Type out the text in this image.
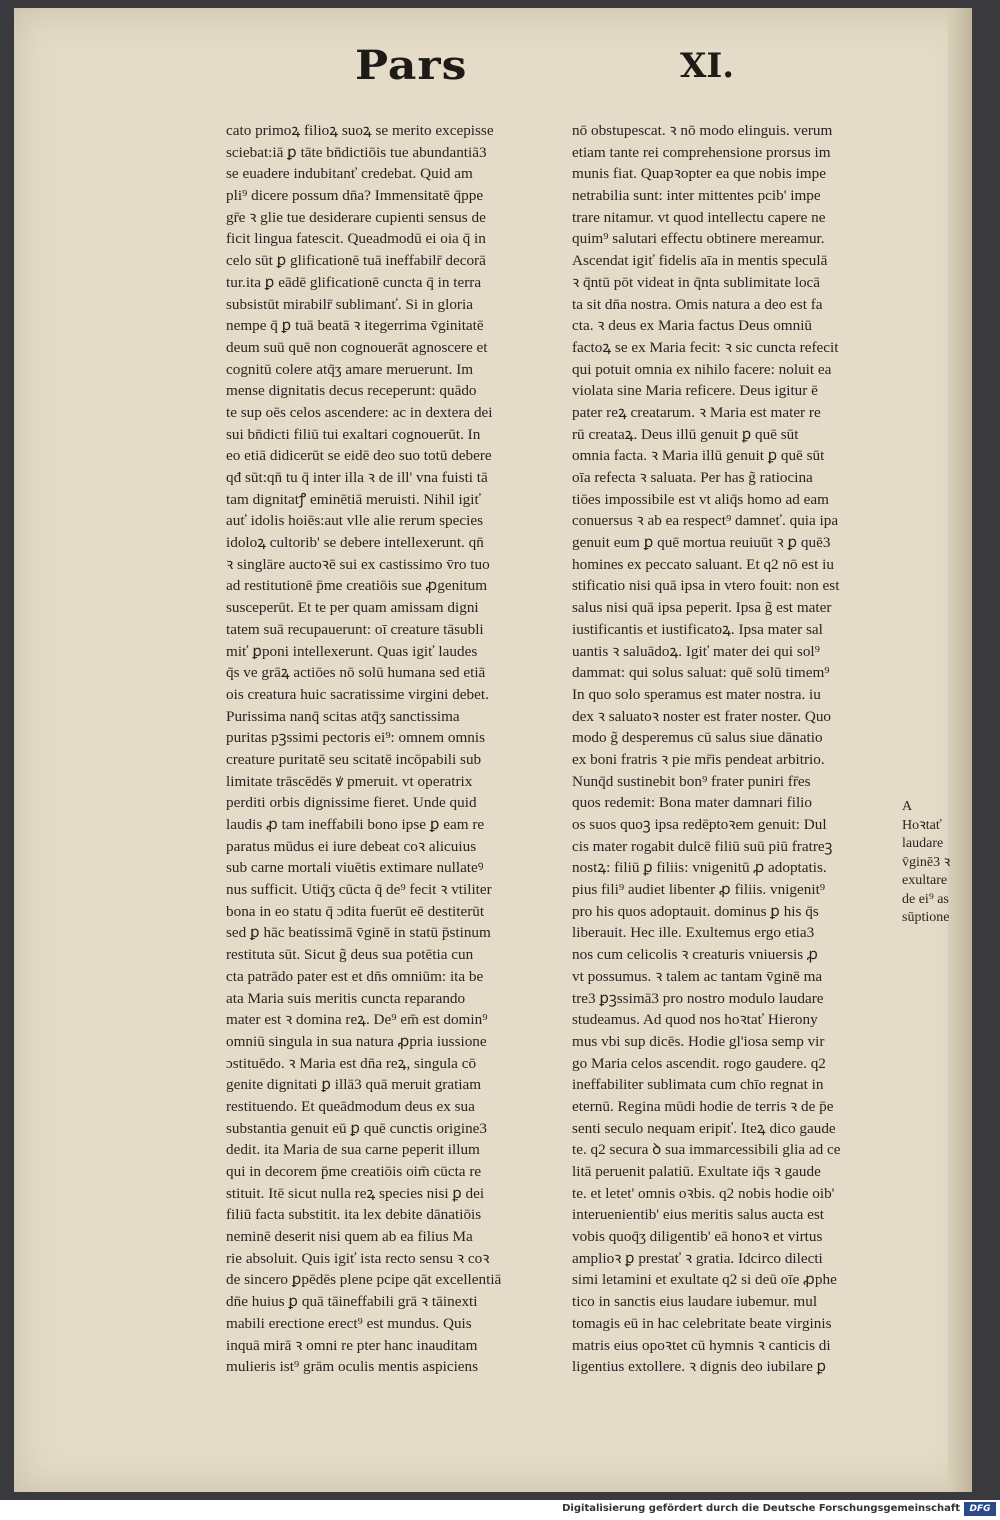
Pars	XI.
cato primoꝝ filioꝝ suoꝝ se merito excepisse
sciebat:iā ꝑ tāte bn̄dictiōis tue abundantiā3
se euadere indubitanť credebat. Quid am
pli⁹ dicere possum dn̄a? Immensitatē q̄ppe
gr̄e ꝛ glie tue desiderare cupienti sensus de
ficit lingua fatescit. Queadmodū ei oia q̄ in
celo sūt ꝑ glificationē tuā ineffabilr̄ decorā
tur.ita ꝑ eādē glificationē cuncta q̄ in terra
subsistūt mirabilr̄ sublimanť. Si in gloria
nempe q̄ ꝑ tuā beatā ꝛ itegerrima v̄ginitatē
deum suū quē non cognouerāt agnoscere et
cognitū colere atq̄ʒ amare meruerunt. Im
mense dignitatis decus receperunt: quādo
te sup oēs celos ascendere: ac in dextera dei
sui bn̄dicti filiū tui exaltari cognouerūt. In
eo etiā didicerūt se eidē deo suo totū debere
qđ sūt:qn̄ tu q̄ inter illa ꝛ de ill' vna fuisti tā
tam dignitatꝭ eminētiā meruisti. Nihil igiť
auť idolis hoiēs:aut vlle alie rerum species
idoloꝝ cultorib' se debere intellexerunt. qn̄
ꝛ singlāre auctoꝛē sui ex castissimo v̄ro tuo
ad restitutionē p̄me creatiōis sue ꝓgenitum
susceperūt. Et te per quam amissam digni
tatem suā recupauerunt: oī creature tāsubli
miť ꝑponi intellexerunt. Quas igiť laudes
q̄s ve grāꝝ actiōes nō solū humana sed etiā
ois creatura huic sacratissime virgini debet.
Purissima nanq̄ scitas atq̄ʒ sanctissima
puritas pꝫssimi pectoris ei⁹: omnem omnis
creature puritatē seu scitatē incōpabili sub
limitate trāscēdēs ꝟ pmeruit. vt operatrix
perditi orbis dignissime fieret. Unde quid
laudis ꝓ tam ineffabili bono ipse ꝑ eam re
paratus mūdus ei iure debeat coꝛ alicuius
sub carne mortali viuētis extimare nullateꝰ
nus sufficit. Utiq̄ʒ cūcta q̄ de⁹ fecit ꝛ vtiliter
bona in eo statu q̄ ɔdita fuerūt eē destiterūt
sed ꝑ hāc beatissimā v̄ginē in statū p̄stinum
restituta sūt. Sicut g̃ deus sua potētia cun
cta patrādo pater est et dn̄s omniūm: ita be
ata Maria suis meritis cuncta reparando
mater est ꝛ domina reꝝ. De⁹ em̄ est domin⁹
omniū singula in sua natura ꝓpria iussione
ɔstituēdo. ꝛ Maria est dn̄a reꝝ, singula cō
genite dignitati ꝑ illā3 quā meruit gratiam
restituendo. Et queādmodum deus ex sua
substantia genuit eū ꝑ quē cunctis origine3
dedit. ita Maria de sua carne peperit illum
qui in decorem p̄me creatiōis oim̄ cūcta re
stituit. Itē sicut nulla reꝝ species nisi ꝑ dei
filiū facta substitit. ita lex debite dānatiōis
neminē deserit nisi quem ab ea filius Ma
rie absoluit. Quis igiť ista recto sensu ꝛ coꝛ
de sincero ꝑpēdēs plene pcipe qāt excellentiā
dn̄e huius ꝑ quā tāineffabili grā ꝛ tāinexti
mabili erectione erect⁹ est mundus. Quis
inquā mirā ꝛ omni re pter hanc inauditam
mulieris ist⁹ grām oculis mentis aspiciens
nō obstupescat. ꝛ nō modo elinguis. verum
etiam tante rei comprehensione prorsus im
munis fiat. Quapꝛopter ea que nobis impe
netrabilia sunt: inter mittentes pcib' impe
trare nitamur. vt quod intellectu capere ne
quim⁹ salutari effectu obtinere mereamur.
Ascendat igiť fidelis aīa in mentis speculā
ꝛ q̄ntū pōt videat in q̄nta sublimitate locā
ta sit dn̄a nostra. Omis natura a deo est fa
cta. ꝛ deus ex Maria factus Deus omniū
factoꝝ se ex Maria fecit: ꝛ sic cuncta refecit
qui potuit omnia ex nihilo facere: noluit ea
violata sine Maria reficere. Deus igitur ē
pater reꝝ creatarum. ꝛ Maria est mater re
rū creataꝝ. Deus illū genuit ꝑ quē sūt
omnia facta. ꝛ Maria illū genuit ꝑ quē sūt
oīa refecta ꝛ saluata. Per has g̃ ratiocina
tiōes impossibile est vt aliq̄s homo ad eam
conuersus ꝛ ab ea respect⁹ damneť. quia ipa
genuit eum ꝑ quē mortua reuiuūt ꝛ ꝑ quē3
homines ex peccato saluant. Et q2 nō est iu
stificatio nisi quā ipsa in vtero fouit: non est
salus nisi quā ipsa peperit. Ipsa g̃ est mater
iustificantis et iustificatoꝝ. Ipsa mater sal
uantis ꝛ saluādoꝝ. Igiť mater dei qui sol⁹
dammat: qui solus saluat: quē solū timem⁹
In quo solo speramus est mater nostra. iu
dex ꝛ saluatoꝛ noster est frater noster. Quo
modo g̃ desperemus cū salus siue dānatio
ex boni fratris ꝛ pie mr̄is pendeat arbitrio.
Nunq̄d sustinebit bon⁹ frater puniri fr̄es
quos redemit: Bona mater damnari filio
os suos quoꝫ ipsa redēptoꝛem genuit: Dul
cis mater rogabit dulcē filiū suū piū fratreꝫ
nostꝝ: filiū ꝑ filiis: vnigenitū ꝓ adoptatis.
pius fili⁹ audiet libenter ꝓ filiis. vnigenit⁹
pro his quos adoptauit. dominus ꝑ his q̄s
liberauit. Hec ille. Exultemus ergo etia3
nos cum celicolis ꝛ creaturis vniuersis ꝓ
vt possumus. ꝛ talem ac tantam v̄ginē ma
tre3 ꝑꝫssimā3 pro nostro modulo laudare
studeamus. Ad quod nos hoꝛtať Hierony
mus vbi sup dicēs. Hodie gl'iosa semp vir
go Maria celos ascendit. rogo gaudere. q2
ineffabiliter sublimata cum chīo regnat in
eternū. Regina mūdi hodie de terris ꝛ de p̄e
senti seculo nequam eripiť. Iteꝝ dico gaude
te. q2 secura ꝺ sua immarcessibili glia ad ce
litā peruenit palatiū. Exultate iq̄s ꝛ gaude
te. et letet' omnis oꝛbis. q2 nobis hodie oib'
interuenientib' eius meritis salus aucta est
vobis quoq̄ʒ diligentib' eā honoꝛ et virtus
amplioꝛ ꝑ prestať ꝛ gratia. Idcirco dilecti
simi letamini et exultate q2 si deū oīe ꝓphe
tico in sanctis eius laudare iubemur. mul
tomagis eū in hac celebritate beate virginis
matris eius opoꝛtet cū hymnis ꝛ canticis di
ligentius extollere. ꝛ dignis deo iubilare ꝑ
A
Hoꝛtať
laudare
v̄ginē3 ꝛ
exultare
de ei⁹ as
sūptione
Digitalisierung gefördert durch die Deutsche Forschungsgemeinschaft	DFG
